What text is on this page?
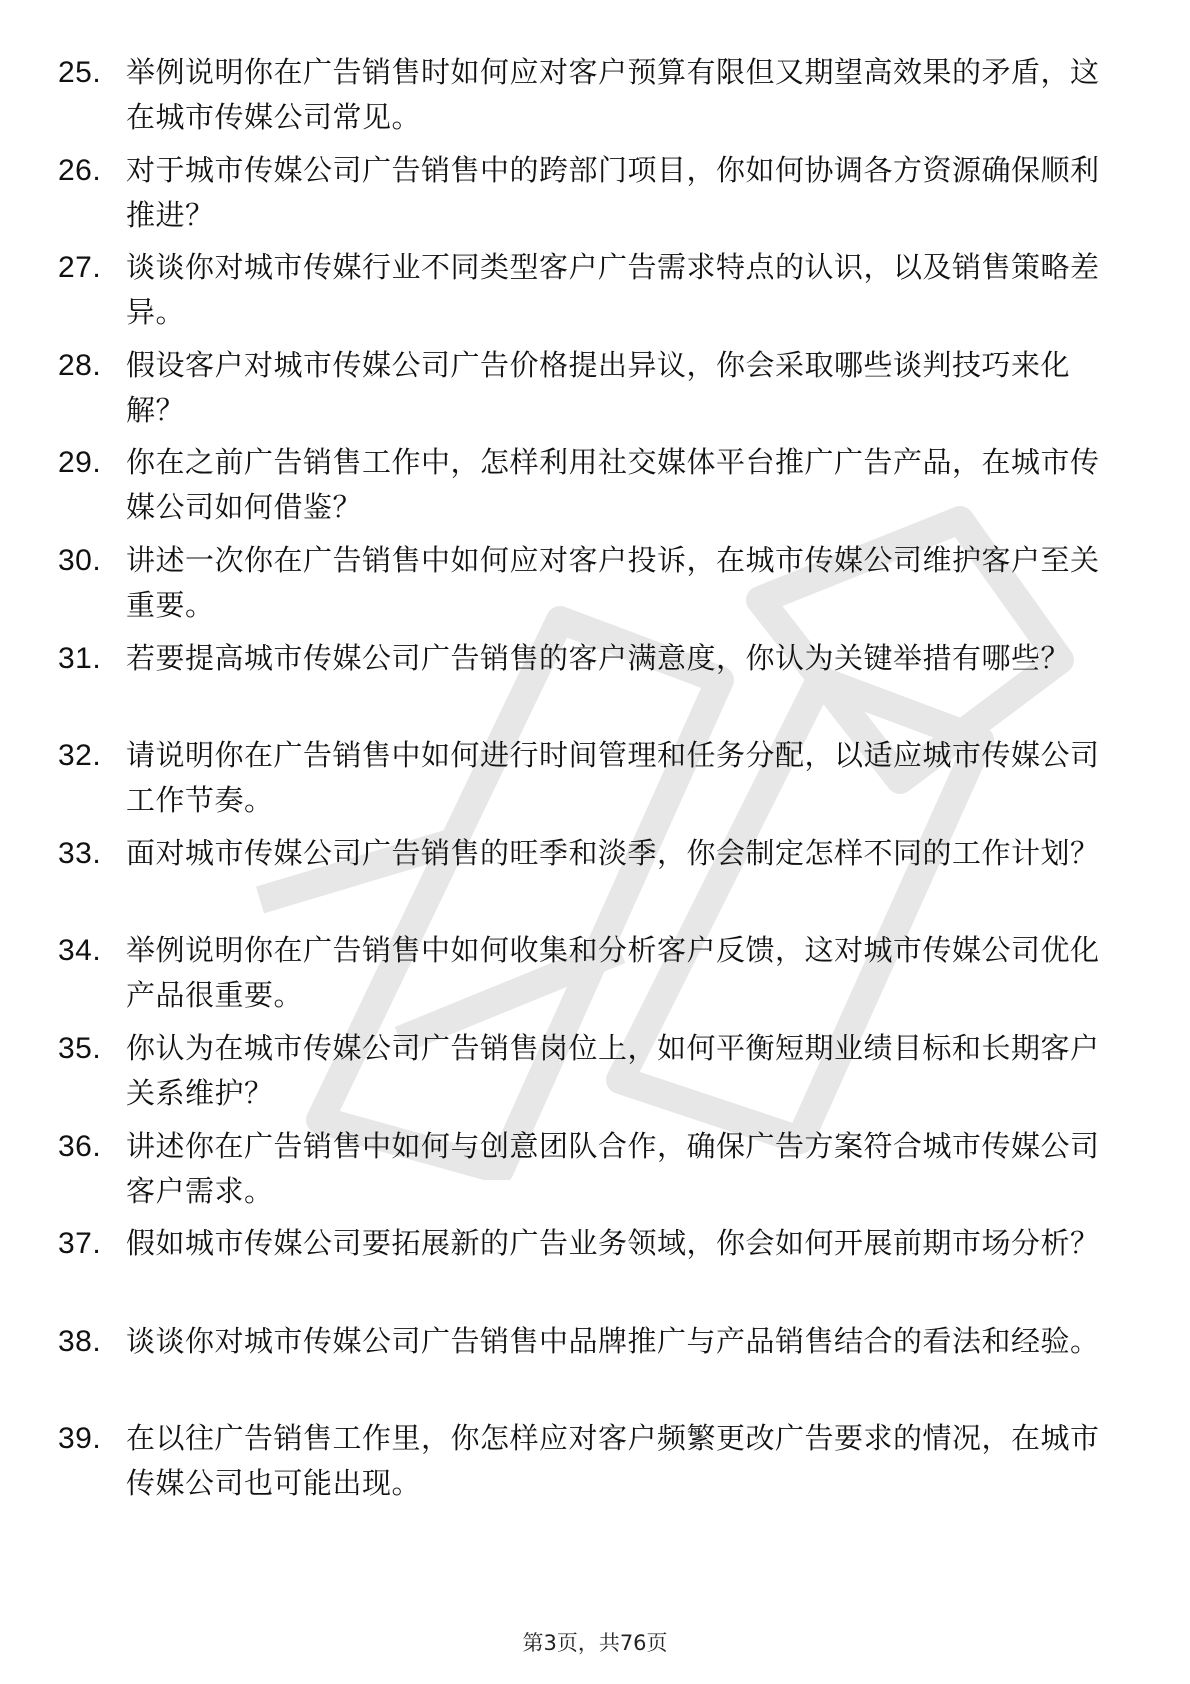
25. 举例说明你在广告销售时如何应对客户预算有限但又期望高效果的矛盾，这在城市传媒公司常见。
26. 对于城市传媒公司广告销售中的跨部门项目，你如何协调各方资源确保顺利推进？
27. 谈谈你对城市传媒行业不同类型客户广告需求特点的认识，以及销售策略差异。
28. 假设客户对城市传媒公司广告价格提出异议，你会采取哪些谈判技巧来化解？
29. 你在之前广告销售工作中，怎样利用社交媒体平台推广广告产品，在城市传媒公司如何借鉴？
30. 讲述一次你在广告销售中如何应对客户投诉，在城市传媒公司维护客户至关重要。
31. 若要提高城市传媒公司广告销售的客户满意度，你认为关键举措有哪些？
32. 请说明你在广告销售中如何进行时间管理和任务分配，以适应城市传媒公司工作节奏。
33. 面对城市传媒公司广告销售的旺季和淡季，你会制定怎样不同的工作计划？
34. 举例说明你在广告销售中如何收集和分析客户反馈，这对城市传媒公司优化产品很重要。
35. 你认为在城市传媒公司广告销售岗位上，如何平衡短期业绩目标和长期客户关系维护？
36. 讲述你在广告销售中如何与创意团队合作，确保广告方案符合城市传媒公司客户需求。
37. 假如城市传媒公司要拓展新的广告业务领域，你会如何开展前期市场分析？
38. 谈谈你对城市传媒公司广告销售中品牌推广与产品销售结合的看法和经验。
39. 在以往广告销售工作里，你怎样应对客户频繁更改广告要求的情况，在城市传媒公司也可能出现。
第3页，共76页
